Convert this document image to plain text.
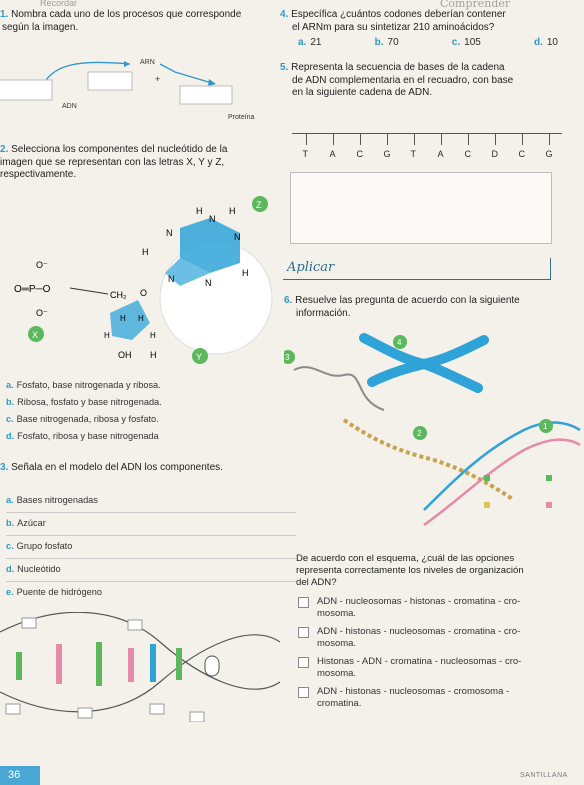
Recordar	Comprender
1. Nombra cada uno de los procesos que corresponde
según la imagen.
ARN
ADN
+
Proteína
2. Selecciona los componentes del nucleótido de la
imagen que se representan con las letras X, Y y Z,
respectivamente.
H
N
H
N	N
H
N	N
H
CH₂ O
H H
H	H
OH H
O⁻
O═P─O
O⁻
X
Y
Z
a. Fosfato, base nitrogenada y ribosa.
b. Ribosa, fosfato y base nitrogenada.
c. Base nitrogenada, ribosa y fosfato.
d. Fosfato, ribosa y base nitrogenada
3. Señala en el modelo del ADN los componentes.
a. Bases nitrogenadas
b. Azúcar
c. Grupo fosfato
d. Nucleótido
e. Puente de hidrógeno
4. Específica ¿cuántos codones deberían contener
el ARNm para su sintetizar 210 aminoácidos?
a. 21	b. 70	c. 105	d. 10
5. Representa la secuencia de bases de la cadena
de ADN complementaria en el recuadro, con base
en la siguiente cadena de ADN.
T A C G T A C D C G
Aplicar
6. Resuelve las pregunta de acuerdo con la siguiente
información.
1
2
3
4
De acuerdo con el esquema, ¿cuál de las opciones
representa correctamente los niveles de organización
del ADN?
ADN - nucleosomas - histonas - cromatina - cro-
mosoma.
ADN - histonas - nucleosomas - cromatina - cro-
mosoma.
Histonas - ADN - cromatina - nucleosomas - cro-
mosoma.
ADN - histonas - nucleosomas - cromosoma -
cromatina.
36	SANTILLANA
